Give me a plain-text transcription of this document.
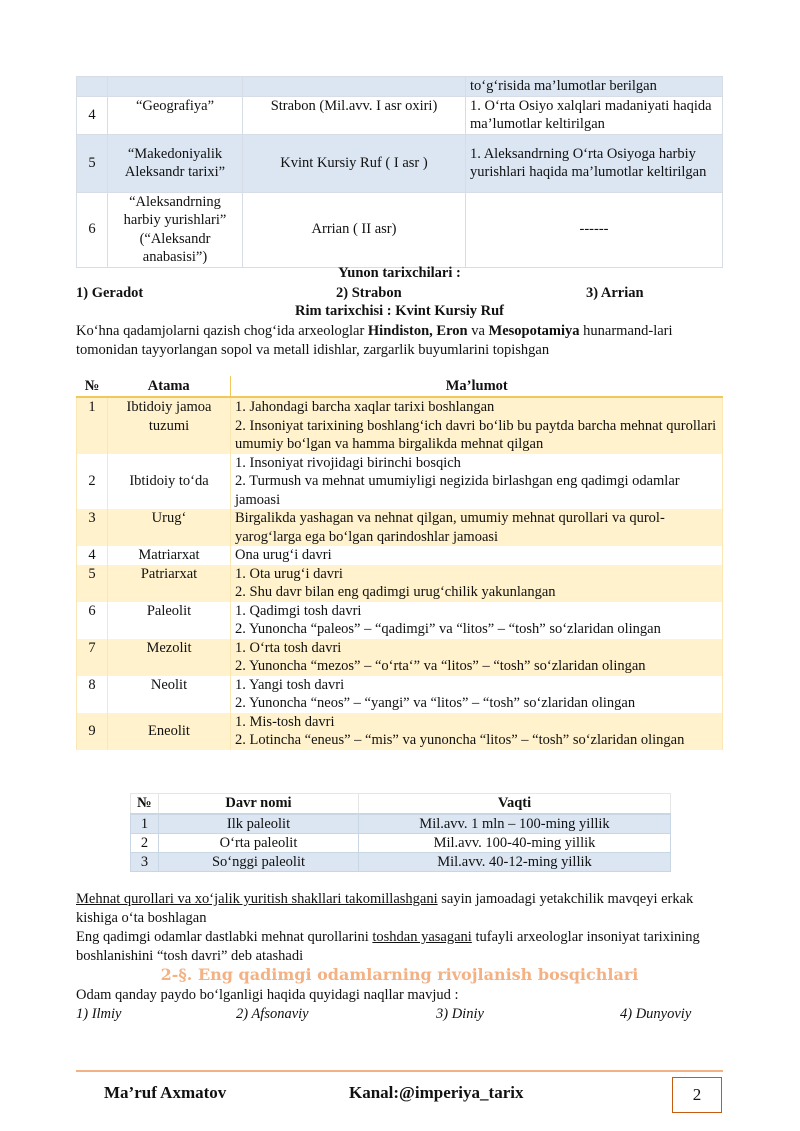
			to‘g‘risida ma’lumotlar berilgan
4	“Geografiya”	Strabon (Mil.avv. I asr oxiri)	1. O‘rta Osiyo xalqlari madaniyati haqida ma’lumotlar keltirilgan
5	“Makedoniyalik Aleksandr tarixi”	Kvint Kursiy Ruf ( I asr )	1. Aleksandrning O‘rta Osiyoga harbiy yurishlari haqida ma’lumotlar keltirilgan
6	“Aleksandrning harbiy yurishlari” (“Aleksandr anabasisi”)	Arrian ( II asr)	------
Yunon tarixchilari :
1) Geradot	2) Strabon	3) Arrian
Rim tarixchisi : Kvint Kursiy Ruf
Ko‘hna qadamjolarni qazish chog‘ida arxeologlar Hindiston, Eron va Mesopotamiya hunarmand-lari tomonidan tayyorlangan sopol va metall idishlar, zargarlik buyumlarini topishgan
№	Atama	Ma’lumot
1	Ibtidoiy jamoa tuzumi	1. Jahondagi barcha xaqlar tarixi boshlangan
2. Insoniyat tarixining boshlang‘ich davri bo‘lib bu paytda barcha mehnat qurollari umumiy bo‘lgan va hamma birgalikda mehnat qilgan

2	Ibtidoiy to‘da	1. Insoniyat rivojidagi birinchi bosqich
2. Turmush va mehnat umumiyligi negizida birlashgan eng qadimgi odamlar jamoasi

3	Urug‘	Birgalikda yashagan va nehnat qilgan, umumiy mehnat qurollari va qurol-yarog‘larga ega bo‘lgan qarindoshlar jamoasi

4	Matriarxat	Ona urug‘i davri

5	Patriarxat	1. Ota urug‘i davri
2. Shu davr bilan eng qadimgi urug‘chilik yakunlangan

6	Paleolit	1. Qadimgi tosh davri
2. Yunoncha “paleos” – “qadimgi” va “litos” – “tosh” so‘zlaridan olingan

7	Mezolit	1. O‘rta tosh davri
2. Yunoncha “mezos” – “o‘rta‘” va “litos” – “tosh” so‘zlaridan olingan

8	Neolit	1. Yangi tosh davri
2. Yunoncha “neos” – “yangi” va “litos” – “tosh” so‘zlaridan olingan

9	Eneolit	1. Mis-tosh davri
2. Lotincha “eneus” – “mis” va yunoncha “litos” – “tosh” so‘zlaridan olingan
№	Davr nomi	Vaqti
1	Ilk paleolit	Mil.avv. 1 mln – 100-ming yillik
2	O‘rta paleolit	Mil.avv. 100-40-ming yillik
3	So‘nggi paleolit	Mil.avv. 40-12-ming yillik
Mehnat qurollari va xo‘jalik yuritish shakllari takomillashgani sayin jamoadagi yetakchilik mavqeyi erkak kishiga o‘ta boshlagan
Eng qadimgi odamlar dastlabki mehnat qurollarini toshdan yasagani tufayli arxeologlar insoniyat tarixining boshlanishini “tosh davri” deb atashadi
2-§. Eng qadimgi odamlarning rivojlanish bosqichlari
Odam qanday paydo bo‘lganligi haqida quyidagi naqllar mavjud :
1) Ilmiy	2) Afsonaviy	3) Diniy	4) Dunyoviy
Ma’ruf Axmatov	Kanal:@imperiya_tarix	2
